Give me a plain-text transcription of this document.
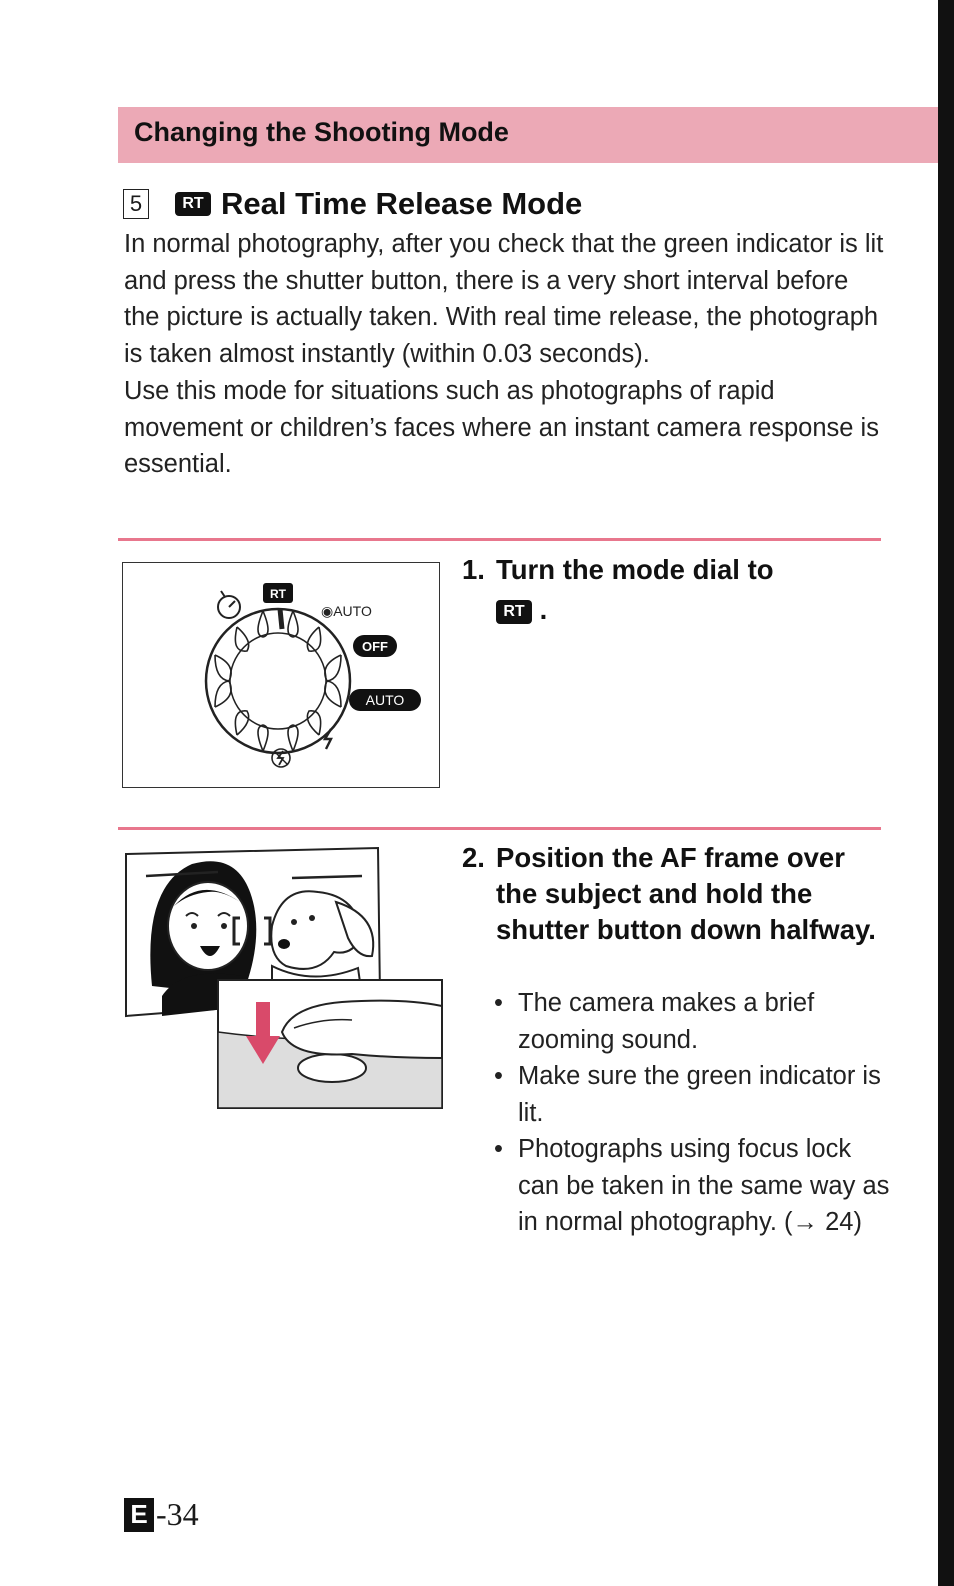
Changing the Shooting Mode
5	RT Real Time Release Mode

In normal photography, after you check that the green indicator is lit and press the shutter button, there is a very short interval before the picture is actually taken. With real time release, the photograph is taken almost instantly (within 0.03 seconds).

Use this mode for situations such as photographs of rapid movement or children’s faces where an instant camera response is essential.

RT
◉AUTO
OFF
AUTO
1. Turn the mode dial to
RT .
2. Position the AF frame over the subject and hold the shutter button down halfway.
• The camera makes a brief zooming sound.
• Make sure the green indicator is lit.
• Photographs using focus lock can be taken in the same way as in normal photography. (→ 24)
E -34
